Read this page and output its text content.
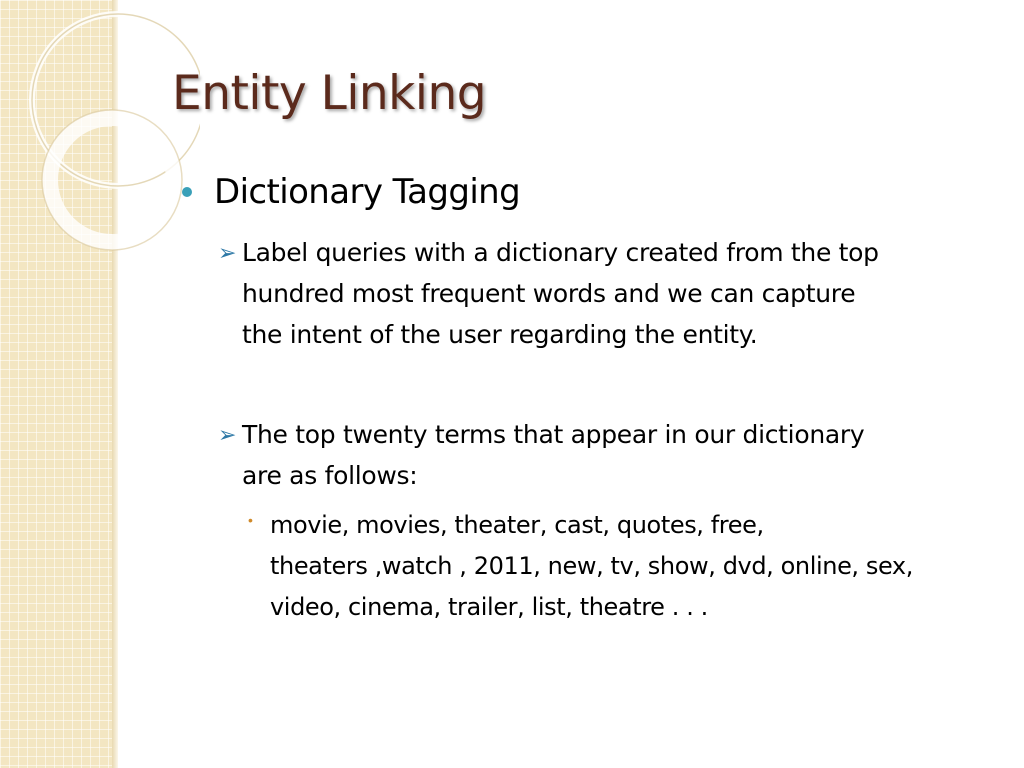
Entity Linking
Dictionary Tagging
➢ Label queries with a dictionary created from the top
hundred most frequent words and we can capture
the intent of the user regarding the entity.
➢ The top twenty terms that appear in our dictionary
are as follows:
• movie, movies, theater, cast, quotes, free,
theaters ,watch , 2011, new, tv, show, dvd, online, sex,
video, cinema, trailer, list, theatre . . .
